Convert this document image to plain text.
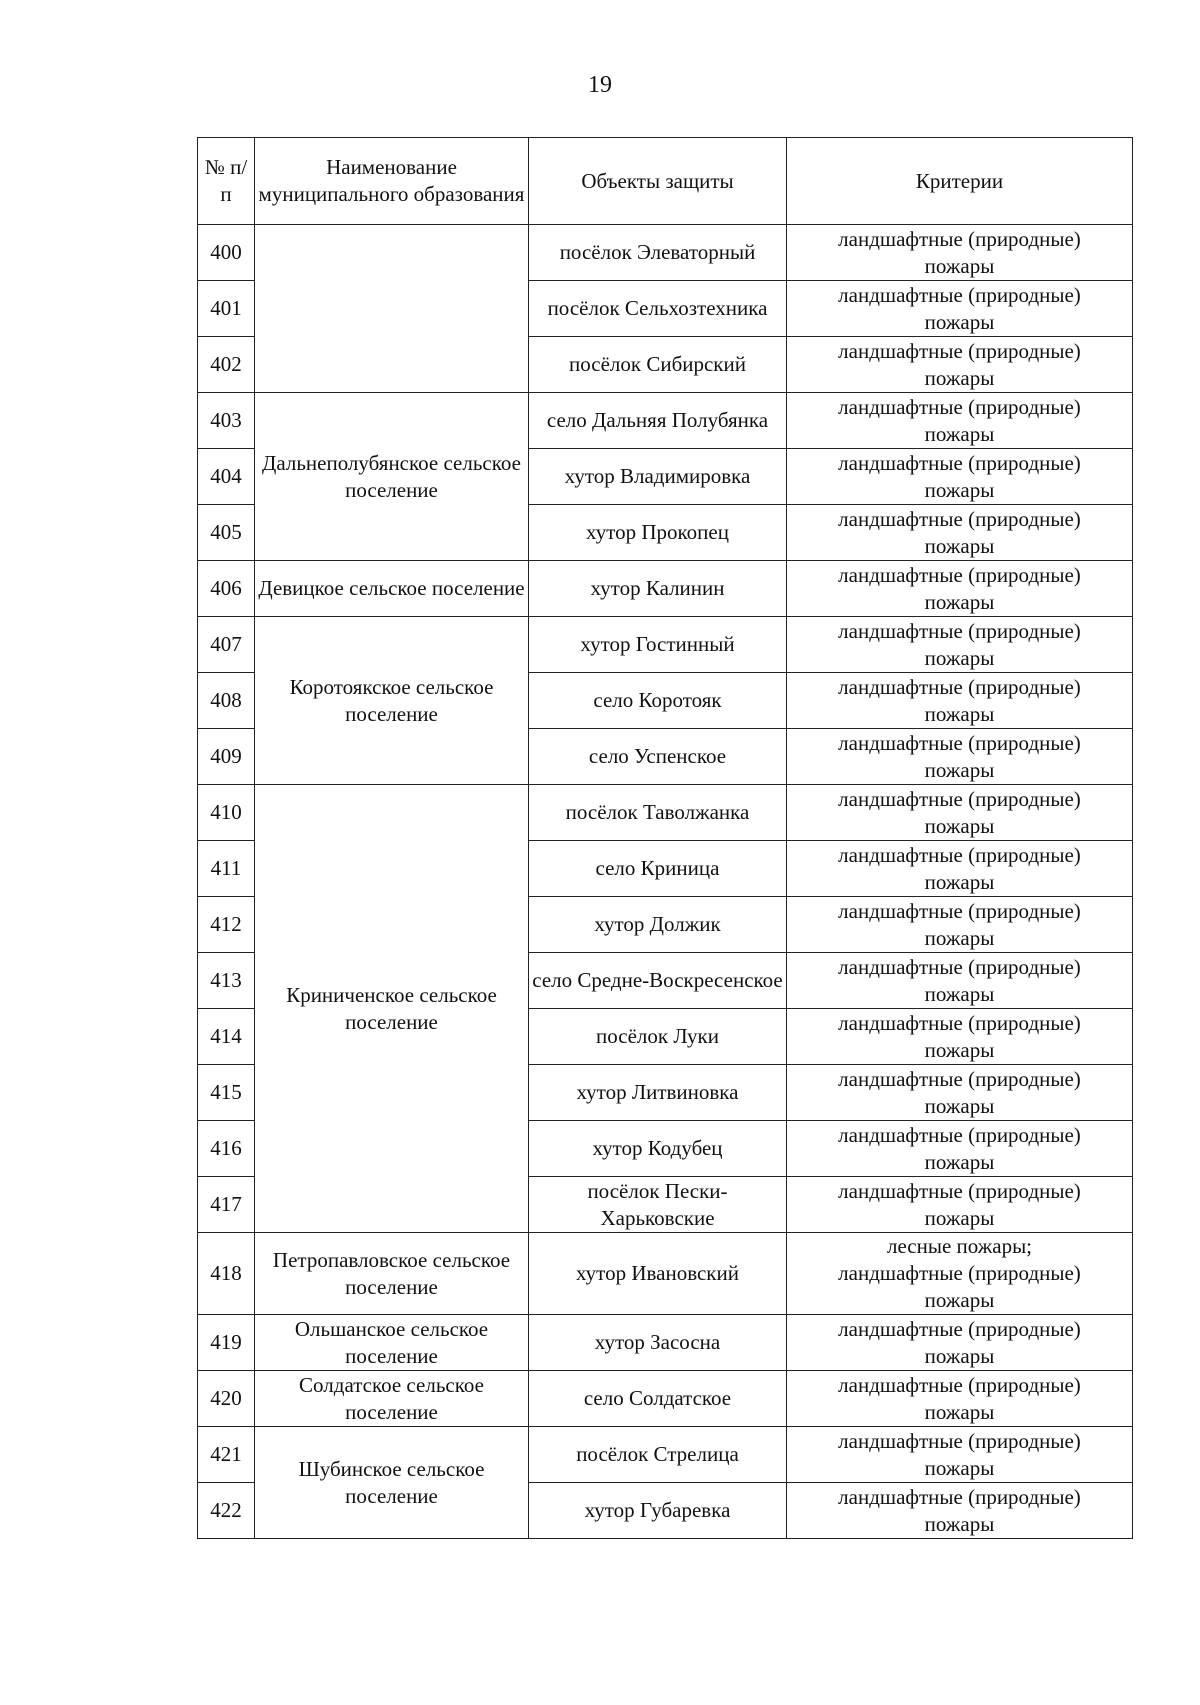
19
№ п/п	Наименование муниципального образования	Объекты защиты	Критерии
400		посёлок Элеваторный	ландшафтные (природные)
пожары

401		посёлок Сельхозтехника	ландшафтные (природные)
пожары

402		посёлок Сибирский	ландшафтные (природные)
пожары

403	Дальнеполубянское сельское поселение	село Дальняя Полубянка	ландшафтные (природные)
пожары

404		хутор Владимировка	ландшафтные (природные)
пожары

405		хутор Прокопец	ландшафтные (природные)
пожары

406	Девицкое сельское поселение	хутор Калинин	ландшафтные (природные)
пожары

407	Коротоякское сельское поселение	хутор Гостинный	ландшафтные (природные)
пожары

408		село Коротояк	ландшафтные (природные)
пожары

409		село Успенское	ландшафтные (природные)
пожары

410	Криниченское сельское поселение	посёлок Таволжанка	ландшафтные (природные)
пожары

411		село Криница	ландшафтные (природные)
пожары

412		хутор Должик	ландшафтные (природные)
пожары

413		село Средне-Воскресенское	ландшафтные (природные)
пожары

414		посёлок Луки	ландшафтные (природные)
пожары

415		хутор Литвиновка	ландшафтные (природные)
пожары

416		хутор Кодубец	ландшафтные (природные)
пожары

417		посёлок Пески-Харьковские	ландшафтные (природные)
пожары

418	Петропавловское сельское поселение	хутор Ивановский	лесные пожары;
ландшафтные (природные)
пожары

419	Ольшанское сельское поселение	хутор Засосна	ландшафтные (природные)
пожары

420	Солдатское сельское поселение	село Солдатское	ландшафтные (природные)
пожары

421	Шубинское сельское поселение	посёлок Стрелица	ландшафтные (природные)
пожары

422		хутор Губаревка	ландшафтные (природные)
пожары
